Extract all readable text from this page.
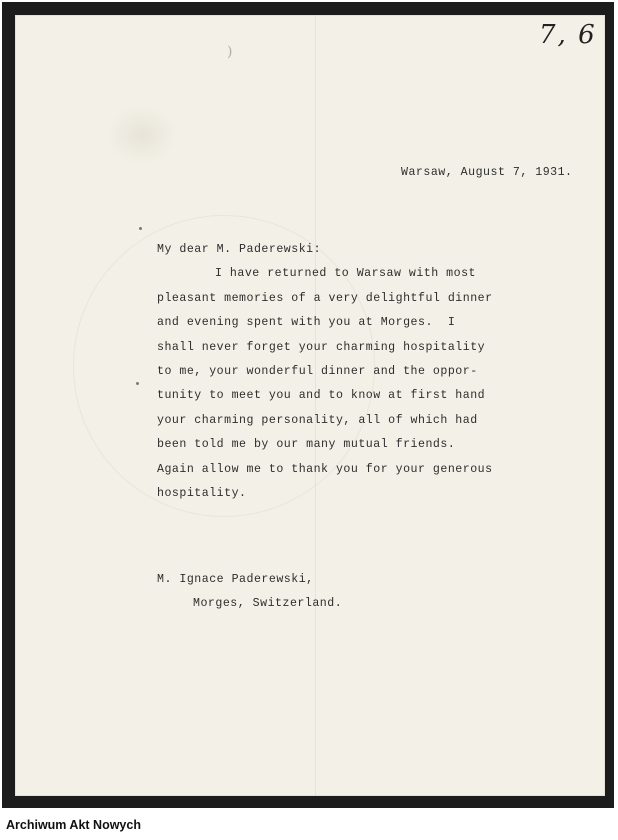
)
7, 6
Warsaw, August 7, 1931.
My dear M. Paderewski:
I have returned to Warsaw with most
pleasant memories of a very delightful dinner
and evening spent with you at Morges.  I
shall never forget your charming hospitality
to me, your wonderful dinner and the oppor-
tunity to meet you and to know at first hand
your charming personality, all of which had
been told me by our many mutual friends.
Again allow me to thank you for your generous
hospitality.
M. Ignace Paderewski,
Morges, Switzerland.
Archiwum Akt Nowych
